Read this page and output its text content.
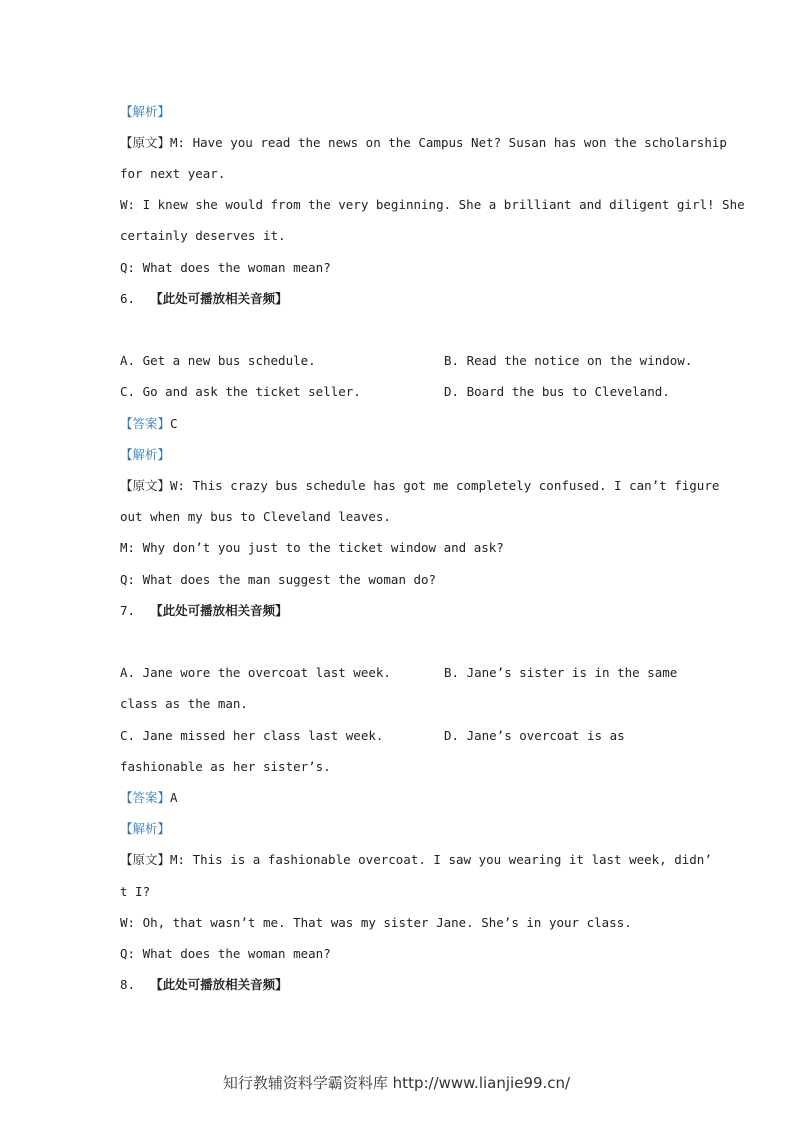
【解析】
【原文】M: Have you read the news on the Campus Net? Susan has won the scholarship
for next year.
W: I knew she would from the very beginning. She a brilliant and diligent girl! She
certainly deserves it.
Q: What does the woman mean?
6. 【此处可播放相关音频】
A. Get a new bus schedule.	B. Read the notice on the window.
C. Go and ask the ticket seller.	D. Board the bus to Cleveland.
【答案】C
【解析】
【原文】W: This crazy bus schedule has got me completely confused. I can’t figure
out when my bus to Cleveland leaves.
M: Why don’t you just to the ticket window and ask?
Q: What does the man suggest the woman do?
7. 【此处可播放相关音频】
A. Jane wore the overcoat last week.	B. Jane’s sister is in the same
class as the man.
C. Jane missed her class last week.	D. Jane’s overcoat is as
fashionable as her sister’s.
【答案】A
【解析】
【原文】M: This is a fashionable overcoat. I saw you wearing it last week, didn’
t I?
W: Oh, that wasn’t me. That was my sister Jane. She’s in your class.
Q: What does the woman mean?
8. 【此处可播放相关音频】
知行教辅资料学霸资料库 http://www.lianjie99.cn/
